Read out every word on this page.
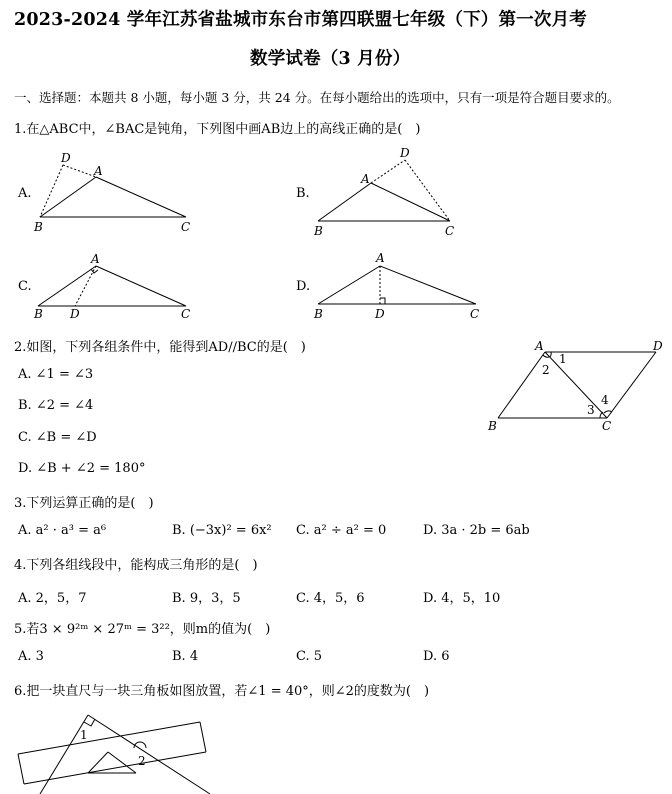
2023-2024 学年江苏省盐城市东台市第四联盟七年级（下）第一次月考
数学试卷（3 月份）
一、选择题：本题共 8 小题，每小题 3 分，共 24 分。在每小题给出的选项中，只有一项是符合题目要求的。
1.在△ABC中，∠BAC是钝角，下列图中画AB边上的高线正确的是(　)
A.
D
A
B	C
B.
D
A
B	C
C.
A
B D	C
D.
A
B	D	C
2.如图，下列各组条件中，能得到AD//BC的是(　)
A. ∠1 = ∠3
B. ∠2 = ∠4
C. ∠B = ∠D
D. ∠B + ∠2 = 180°
A	D
B	C
1
2
3
4
3.下列运算正确的是(　)
A. a² · a³ = a⁶	B. (−3x)² = 6x² C. a² ÷ a² = 0	D. 3a · 2b = 6ab
4.下列各组线段中，能构成三角形的是(　)
A. 2，5，7	B. 9，3，5	C. 4，5，6	D. 4，5，10
5.若3 × 9²ᵐ × 27ᵐ = 3²²，则m的值为(　)
A. 3	B. 4	C. 5	D. 6
6.把一块直尺与一块三角板如图放置，若∠1 = 40°，则∠2的度数为(　)
1
2
